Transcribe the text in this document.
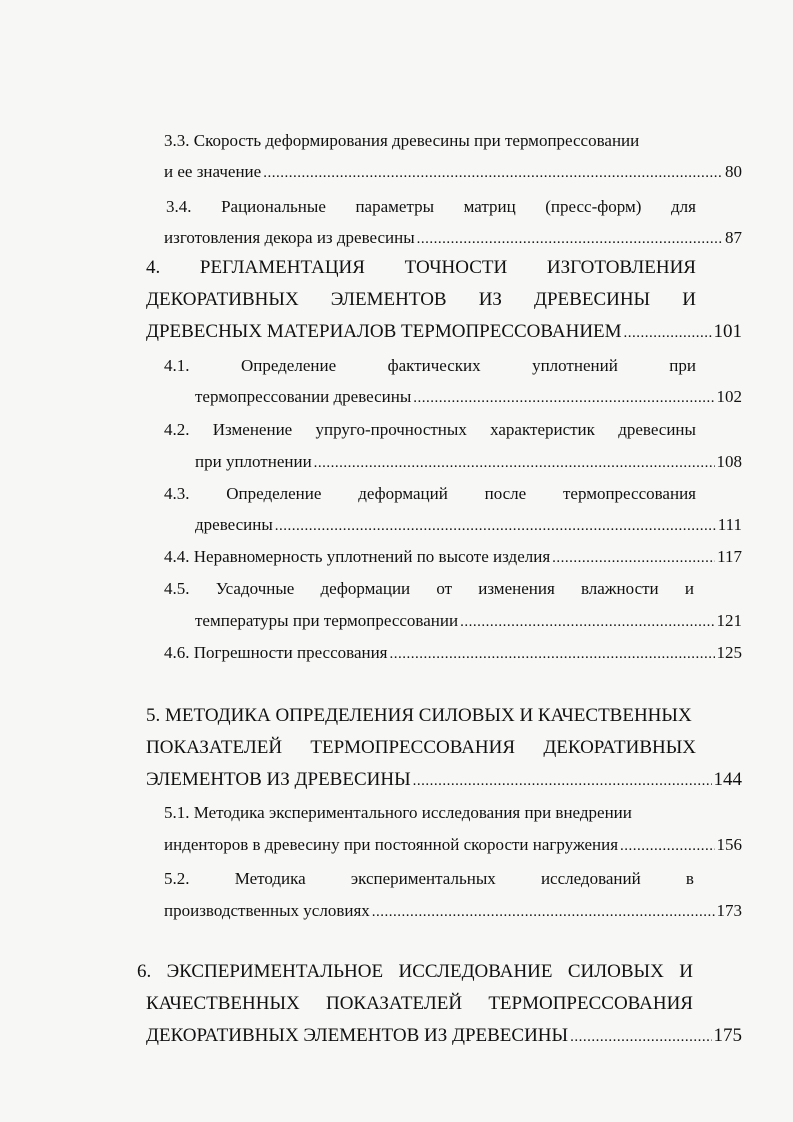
3.3. Скорость деформирования древесины при термопрессовании
и ее значение .....	80
3.4. Рациональные параметры матриц (пресс-форм) для
изготовления декора из древесины .....	87
4. РЕГЛАМЕНТАЦИЯ ТОЧНОСТИ ИЗГОТОВЛЕНИЯ
ДЕКОРАТИВНЫХ ЭЛЕМЕНТОВ ИЗ ДРЕВЕСИНЫ И
ДРЕВЕСНЫХ МАТЕРИАЛОВ ТЕРМОПРЕССОВАНИЕМ .....	101
4.1.	Определение	фактических	уплотнений	при
термопрессовании древесины .....	102
4.2. Изменение упруго-прочностных характеристик древесины
при уплотнении .....	108
4.3. Определение деформаций после термопрессования
древесины .....	111
4.4. Неравномерность уплотнений по высоте изделия .....	117
4.5. Усадочные деформации от изменения влажности и
температуры при термопрессовании .....	121
4.6. Погрешности прессования .....	125
5. МЕТОДИКА ОПРЕДЕЛЕНИЯ СИЛОВЫХ И КАЧЕСТВЕННЫХ
ПОКАЗАТЕЛЕЙ ТЕРМОПРЕССОВАНИЯ ДЕКОРАТИВНЫХ
ЭЛЕМЕНТОВ ИЗ ДРЕВЕСИНЫ .....	144
5.1. Методика экспериментального исследования при внедрении
инденторов в древесину при постоянной скорости нагружения .....	156
5.2.	Методика	экспериментальных	исследований	в
производственных условиях .....	173
6. ЭКСПЕРИМЕНТАЛЬНОЕ ИССЛЕДОВАНИЕ СИЛОВЫХ И
КАЧЕСТВЕННЫХ ПОКАЗАТЕЛЕЙ ТЕРМОПРЕССОВАНИЯ
ДЕКОРАТИВНЫХ ЭЛЕМЕНТОВ ИЗ ДРЕВЕСИНЫ .....	175
